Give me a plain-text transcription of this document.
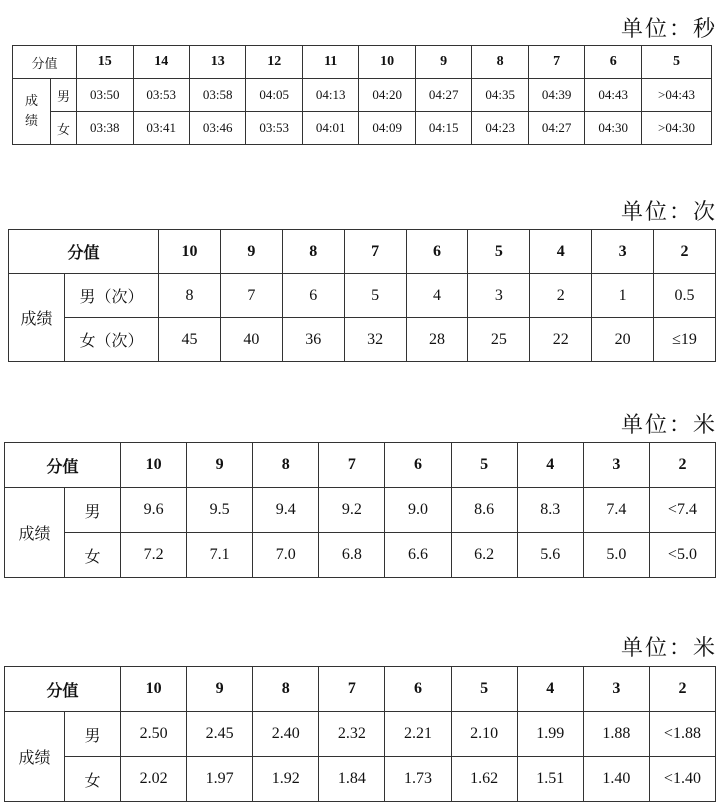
单位：秒
分值		15	14	13	12	11	10	9	8	7	6	5
成绩	男	03:50	03:53	03:58	04:05	04:13	04:20	04:27	04:35	04:39	04:43	>04:43
	女	03:38	03:41	03:46	03:53	04:01	04:09	04:15	04:23	04:27	04:30	>04:30
单位：次
分值		10	9	8	7	6	5	4	3	2
成绩	男（次）	8	7	6	5	4	3	2	1	0.5
	女（次）	45	40	36	32	28	25	22	20	≤19
单位：米
分值		10	9	8	7	6	5	4	3	2
成绩	男	9.6	9.5	9.4	9.2	9.0	8.6	8.3	7.4	<7.4
	女	7.2	7.1	7.0	6.8	6.6	6.2	5.6	5.0	<5.0
单位：米
分值		10	9	8	7	6	5	4	3	2
成绩	男	2.50	2.45	2.40	2.32	2.21	2.10	1.99	1.88	<1.88
	女	2.02	1.97	1.92	1.84	1.73	1.62	1.51	1.40	<1.40
